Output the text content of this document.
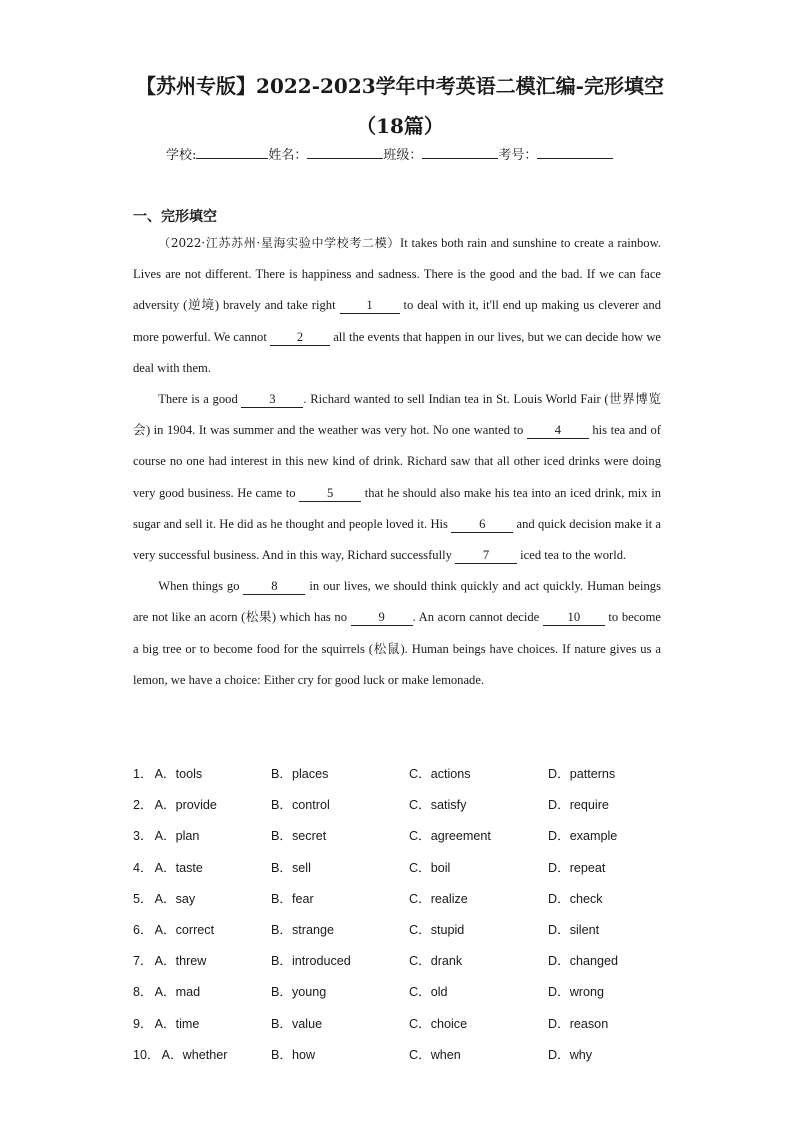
【苏州专版】2022-2023学年中考英语二模汇编-完形填空（18篇）
学校:	姓名：	班级：	考号：
一、完形填空

（2022·江苏苏州·星海实验中学校考二模）It takes both rain and sunshine to create a rainbow. Lives are not different. There is happiness and sadness. There is the good and the bad. If we can face adversity (逆境) bravely and take right 1 to deal with it, it'll end up making us cleverer and more powerful. We cannot 2 all the events that happen in our lives, but we can decide how we deal with them.

There is a good 3 . Richard wanted to sell Indian tea in St. Louis World Fair (世界博览会) in 1904. It was summer and the weather was very hot. No one wanted to 4 his tea and of course no one had interest in this new kind of drink. Richard saw that all other iced drinks were doing very good business. He came to 5 that he should also make his tea into an iced drink, mix in sugar and sell it. He did as he thought and people loved it. His 6 and quick decision make it a very successful business. And in this way, Richard successfully 7 iced tea to the world.

When things go 8 in our lives, we should think quickly and act quickly. Human beings are not like an acorn (松果) which has no 9 . An acorn cannot decide 10 to become a big tree or to become food for the squirrels (松鼠). Human beings have choices. If nature gives us a lemon, we have a choice: Either cry for good luck or make lemonade.

1． A．tools	B．places	C．actions	D．patterns
2． A．provide	B．control	C．satisfy	D．require
3． A．plan	B．secret	C．agreement	D．example
4． A．taste	B．sell	C．boil	D．repeat
5． A．say	B．fear	C．realize	D．check
6． A．correct	B．strange	C．stupid	D．silent
7． A．threw	B．introduced	C．drank	D．changed
8． A．mad	B．young	C．old	D．wrong
9． A．time	B．value	C．choice	D．reason
10． A．whether	B．how	C．when	D．why
